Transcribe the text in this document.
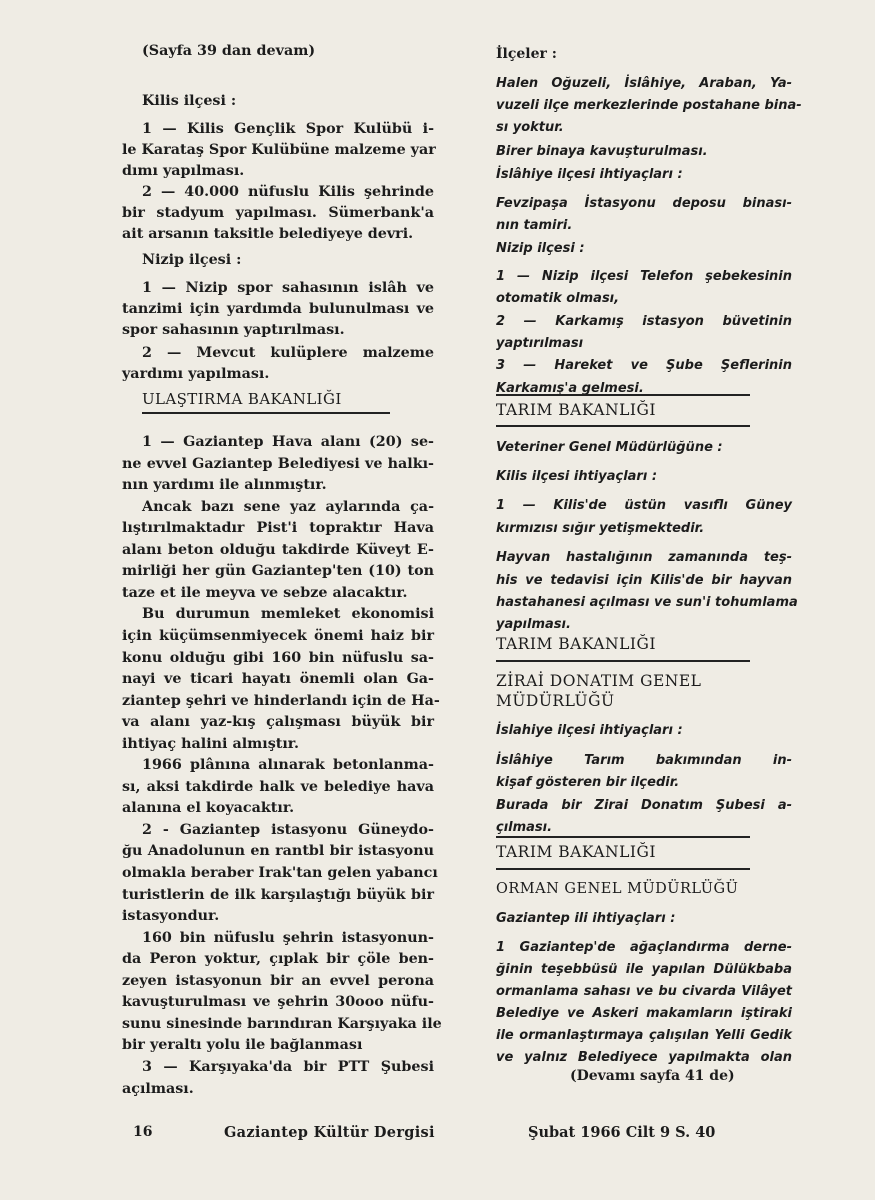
(Sayfa 39 dan devam)
Kilis ilçesi :
1 — Kilis Gençlik Spor Kulübü i-
le Karataş Spor Kulübüne malzeme yar
dımı yapılması.
2 — 40.000 nüfuslu Kilis şehrinde
bir stadyum yapılması. Sümerbank'a
ait arsanın taksitle belediyeye devri.
Nizip ilçesi :
1 — Nizip spor sahasının islâh ve
tanzimi için yardımda bulunulması ve
spor sahasının yaptırılması.
2 — Mevcut kulüplere malzeme
yardımı yapılması.
ULAŞTIRMA BAKANLIĞI
1 — Gaziantep Hava alanı (20) se-
ne evvel Gaziantep Belediyesi ve halkı-
nın yardımı ile alınmıştır.
Ancak bazı sene yaz aylarında ça-
lıştırılmaktadır Pist'i topraktır Hava
alanı beton olduğu takdirde Küveyt E-
mirliği her gün Gaziantep'ten (10) ton
taze et ile meyva ve sebze alacaktır.
Bu durumun memleket ekonomisi
için küçümsenmiyecek önemi haiz bir
konu olduğu gibi 160 bin nüfuslu sa-
nayi ve ticari hayatı önemli olan Ga-
ziantep şehri ve hinderlandı için de Ha-
va alanı yaz-kış çalışması büyük bir
ihtiyaç halini almıştır.
1966 plânına alınarak betonlanma-
sı, aksi takdirde halk ve belediye hava
alanına el koyacaktır.
2 - Gaziantep istasyonu Güneydo-
ğu Anadolunun en rantbl bir istasyonu
olmakla beraber Irak'tan gelen yabancı
turistlerin de ilk karşılaştığı büyük bir
istasyondur.
160 bin nüfuslu şehrin istasyonun-
da Peron yoktur, çıplak bir çöle ben-
zeyen istasyonun bir an evvel perona
kavuşturulması ve şehrin 30ooo nüfu-
sunu sinesinde barındıran Karşıyaka ile
bir yeraltı yolu ile bağlanması
3 — Karşıyaka'da bir PTT Şubesi
açılması.
İlçeler :
Halen Oğuzeli, İslâhiye, Araban, Ya-
vuzeli ilçe merkezlerinde postahane bina-
sı yoktur.
Birer binaya kavuşturulması.
İslâhiye ilçesi ihtiyaçları :
Fevzipaşa İstasyonu deposu binası-
nın tamiri.
Nizip ilçesi :
1 — Nizip ilçesi Telefon şebekesinin
otomatik olması,
2 — Karkamış istasyon büvetinin
yaptırılması
3 — Hareket ve Şube Şeflerinin
Karkamış'a gelmesi.
TARIM BAKANLIĞI
Veteriner Genel Müdürlüğüne :
Kilis ilçesi ihtiyaçları :
1 — Kilis'de üstün vasıflı Güney
kırmızısı sığır yetişmektedir.
Hayvan hastalığının zamanında teş-
his ve tedavisi için Kilis'de bir hayvan
hastahanesi açılması ve sun'i tohumlama
yapılması.
TARIM BAKANLIĞI
ZİRAİ DONATIM GENEL
MÜDÜRLÜĞÜ
İslahiye ilçesi ihtiyaçları :
İslâhiye Tarım bakımından in-
kişaf gösteren bir ilçedir.
Burada bir Zirai Donatım Şubesi a-
çılması.
TARIM BAKANLIĞI
ORMAN GENEL MÜDÜRLÜĞÜ
Gaziantep ili ihtiyaçları :
1 Gaziantep'de ağaçlandırma derne-
ğinin teşebbüsü ile yapılan Dülükbaba
ormanlama sahası ve bu civarda Vilâyet
Belediye ve Askeri makamların iştiraki
ile ormanlaştırmaya çalışılan Yelli Gedik
ve yalnız Belediyece yapılmakta olan
(Devamı sayfa 41 de)
16	Gaziantep Kültür Dergisi	Şubat 1966 Cilt 9 S. 40
